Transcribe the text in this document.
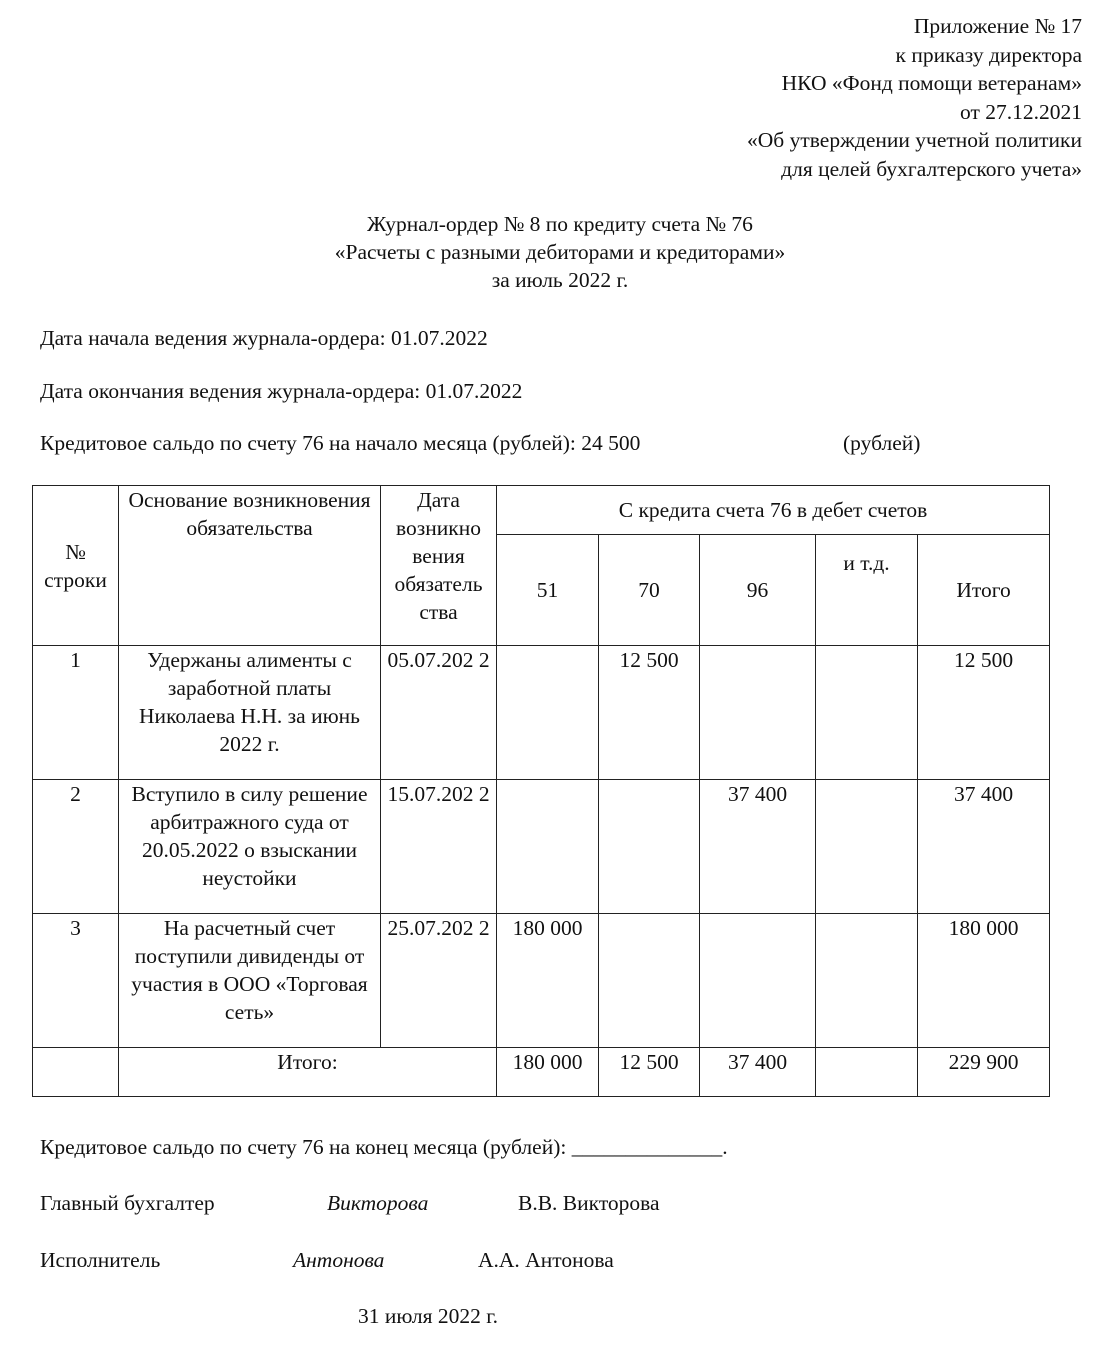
Приложение № 17
к приказу директора
НКО «Фонд помощи ветеранам»
от 27.12.2021
«Об утверждении учетной политики
для целей бухгалтерского учета»
Журнал-ордер № 8 по кредиту счета № 76
«Расчеты с разными дебиторами и кредиторами»
за июль 2022 г.
Дата начала ведения журнала-ордера: 01.07.2022
Дата окончания ведения журнала-ордера: 01.07.2022
Кредитовое сальдо по счету 76 на начало месяца (рублей): 24 500	(рублей)
№ строки	Основание возникновения обязательства	Дата возникно вения обязатель ства	С кредита счета 76 в дебет счетов				
			51	70	96	и т.д.	Итого
1	Удержаны алименты с заработной платы Николаева Н.Н. за июнь 2022 г.	05.07.202 2		12 500			12 500
2	Вступило в силу решение арбитражного суда от 20.05.2022 о взыскании неустойки	15.07.202 2			37 400		37 400
3	На расчетный счет поступили дивиденды от участия в ООО «Торговая сеть»	25.07.202 2	180 000				180 000
	Итого:		180 000	12 500	37 400		229 900
Кредитовое сальдо по счету 76 на конец месяца (рублей): ______________.
Главный бухгалтер	Викторова	В.В. Викторова
Исполнитель	Антонова	А.А. Антонова
31 июля 2022 г.
